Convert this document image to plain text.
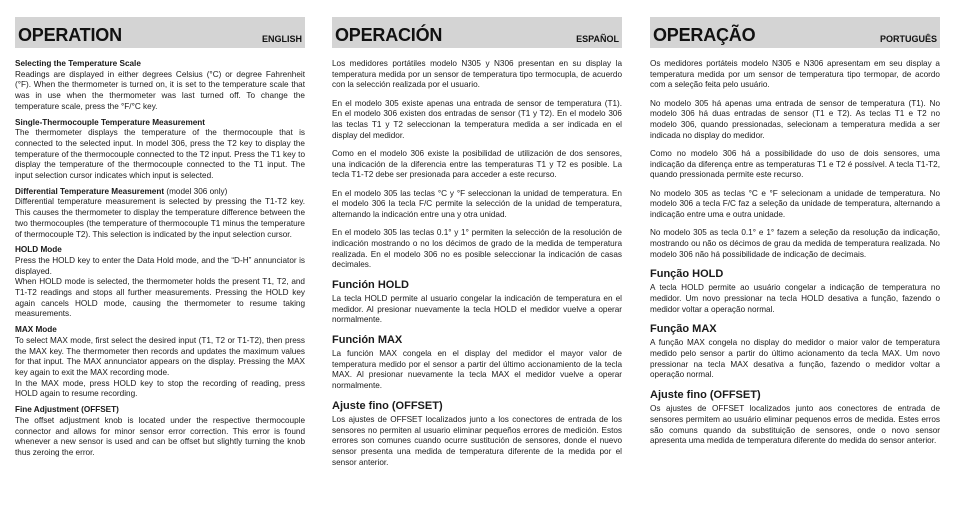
OPERATION	ENGLISH
Selecting the Temperature Scale
Readings are displayed in either degrees Celsius (°C) or degree Fahrenheit (°F). When the thermometer is turned on, it is set to the temperature scale that was in use when the thermometer was last turned off. To change the temperature scale, press the °F/°C key.
Single-Thermocouple Temperature Measurement
The thermometer displays the temperature of the thermocouple that is connected to the selected input. In model 306, press the T2 key to display the temperature of the thermocouple connected to the T2 input. Press the T1 key to display the temperature of the thermocouple connected to the T1 input. The input selection cursor indicates which input is selected.
Differential Temperature Measurement (model 306 only)
Differential temperature measurement is selected by pressing the T1-T2 key. This causes the thermometer to display the temperature difference between the two thermocouples (the temperature of thermocouple T1 minus the temperature of thermocouple T2). This selection is indicated by the input selection cursor.
HOLD Mode
Press the HOLD key to enter the Data Hold mode, and the “D-H” annunciator is displayed.
When HOLD mode is selected, the thermometer holds the present T1, T2, and T1-T2 readings and stops all further measurements. Pressing the HOLD key again cancels HOLD mode, causing the thermometer to resume taking measurements.
MAX Mode
To select MAX mode, first select the desired input (T1, T2 or T1-T2), then press the MAX key. The thermometer then records and updates the maximum values for that input. The MAX annunciator appears on the display. Pressing the MAX key again to exit the MAX recording mode.
In the MAX mode, press HOLD key to stop the recording of reading, press HOLD again to resume recording.
Fine Adjustment (OFFSET)
The offset adjustment knob is located under the respective thermocouple connector and allows for minor sensor error correction. This error is found whenever a new sensor is used and can be offset but slightly turning the knob thus zeroing the error.
OPERACIÓN	ESPAÑOL

Los medidores portátiles modelo N305 y N306 presentan en su display la temperatura medida por un sensor de temperatura tipo termocupla, de acuerdo con la selección realizada por el usuario.

En el modelo 305 existe apenas una entrada de sensor de temperatura (T1). En el modelo 306 existen dos entradas de sensor (T1 y T2). En el modelo 306 las teclas T1 y T2 seleccionan la temperatura medida a ser indicada en el display del medidor.

Como en el modelo 306 existe la posibilidad de utilización de dos sensores, una indicación de la diferencia entre las temperaturas T1 y T2 es posible. La tecla T1-T2 debe ser presionada para acceder a este recurso.

En el modelo 305 las teclas °C y °F seleccionan la unidad de temperatura. En el modelo 306 la tecla F/C permite la selección de la unidad de temperatura, alternando la indicación entre una y otra unidad.

En el modelo 305 las teclas 0.1° y 1° permiten la selección de la resolución de indicación mostrando o no los décimos de grado de la medida de temperatura realizada. En el modelo 306 no es posible seleccionar la indicación de casas decimales.

Función HOLD

La tecla HOLD permite al usuario congelar la indicación de temperatura en el medidor. Al presionar nuevamente la tecla HOLD el medidor vuelve a operar normalmente.

Función MAX

La función MAX congela en el display del medidor el mayor valor de temperatura medido por el sensor a partir del último accionamiento de la tecla MAX. Al presionar nuevamente la tecla MAX el medidor vuelve a operar normalmente.

Ajuste fino (OFFSET)

Los ajustes de OFFSET localizados junto a los conectores de entrada de los sensores no permiten al usuario eliminar pequeños errores de medición. Estos errores son comunes cuando ocurre sustitución de sensores, donde el nuevo sensor presenta una medida de temperatura diferente de la medida por el sensor anterior.

OPERAÇÃO	PORTUGUÊS

Os medidores portáteis modelo N305 e N306 apresentam em seu display a temperatura medida por um sensor de temperatura tipo termopar, de acordo com a seleção feita pelo usuário.

No modelo 305 há apenas uma entrada de sensor de temperatura (T1). No modelo 306 há duas entradas de sensor (T1 e T2). As teclas T1 e T2 no modelo 306, quando pressionadas, selecionam a temperatura medida a ser indicada no display do medidor.

Como no modelo 306 há a possibilidade do uso de dois sensores, uma indicação da diferença entre as temperaturas T1 e T2 é possível. A tecla T1-T2, quando pressionada permite este recurso.

No modelo 305 as teclas °C e °F selecionam a unidade de temperatura. No modelo 306 a tecla F/C faz a seleção da unidade de temperatura, alternando a indicação entre uma e outra unidade.

No modelo 305 as tecla 0.1° e 1° fazem a seleção da resolução da indicação, mostrando ou não os décimos de grau da medida de temperatura realizada. No modelo 306 não há possibilidade de indicação de decimais.

Função HOLD

A tecla HOLD permite ao usuário congelar a indicação de temperatura no medidor. Um novo pressionar na tecla HOLD desativa a função, fazendo o medidor voltar a operação normal.

Função MAX

A função MAX congela no display do medidor o maior valor de temperatura medido pelo sensor a partir do último acionamento da tecla MAX. Um novo pressionar na tecla MAX desativa a função, fazendo o medidor voltar a operação normal.

Ajuste fino (OFFSET)

Os ajustes de OFFSET localizados junto aos conectores de entrada de sensores permitem ao usuário eliminar pequenos erros de medida. Estes erros são comuns quando da substituição de sensores, onde o novo sensor apresenta uma medida de temperatura diferente do medida do sensor anterior.
